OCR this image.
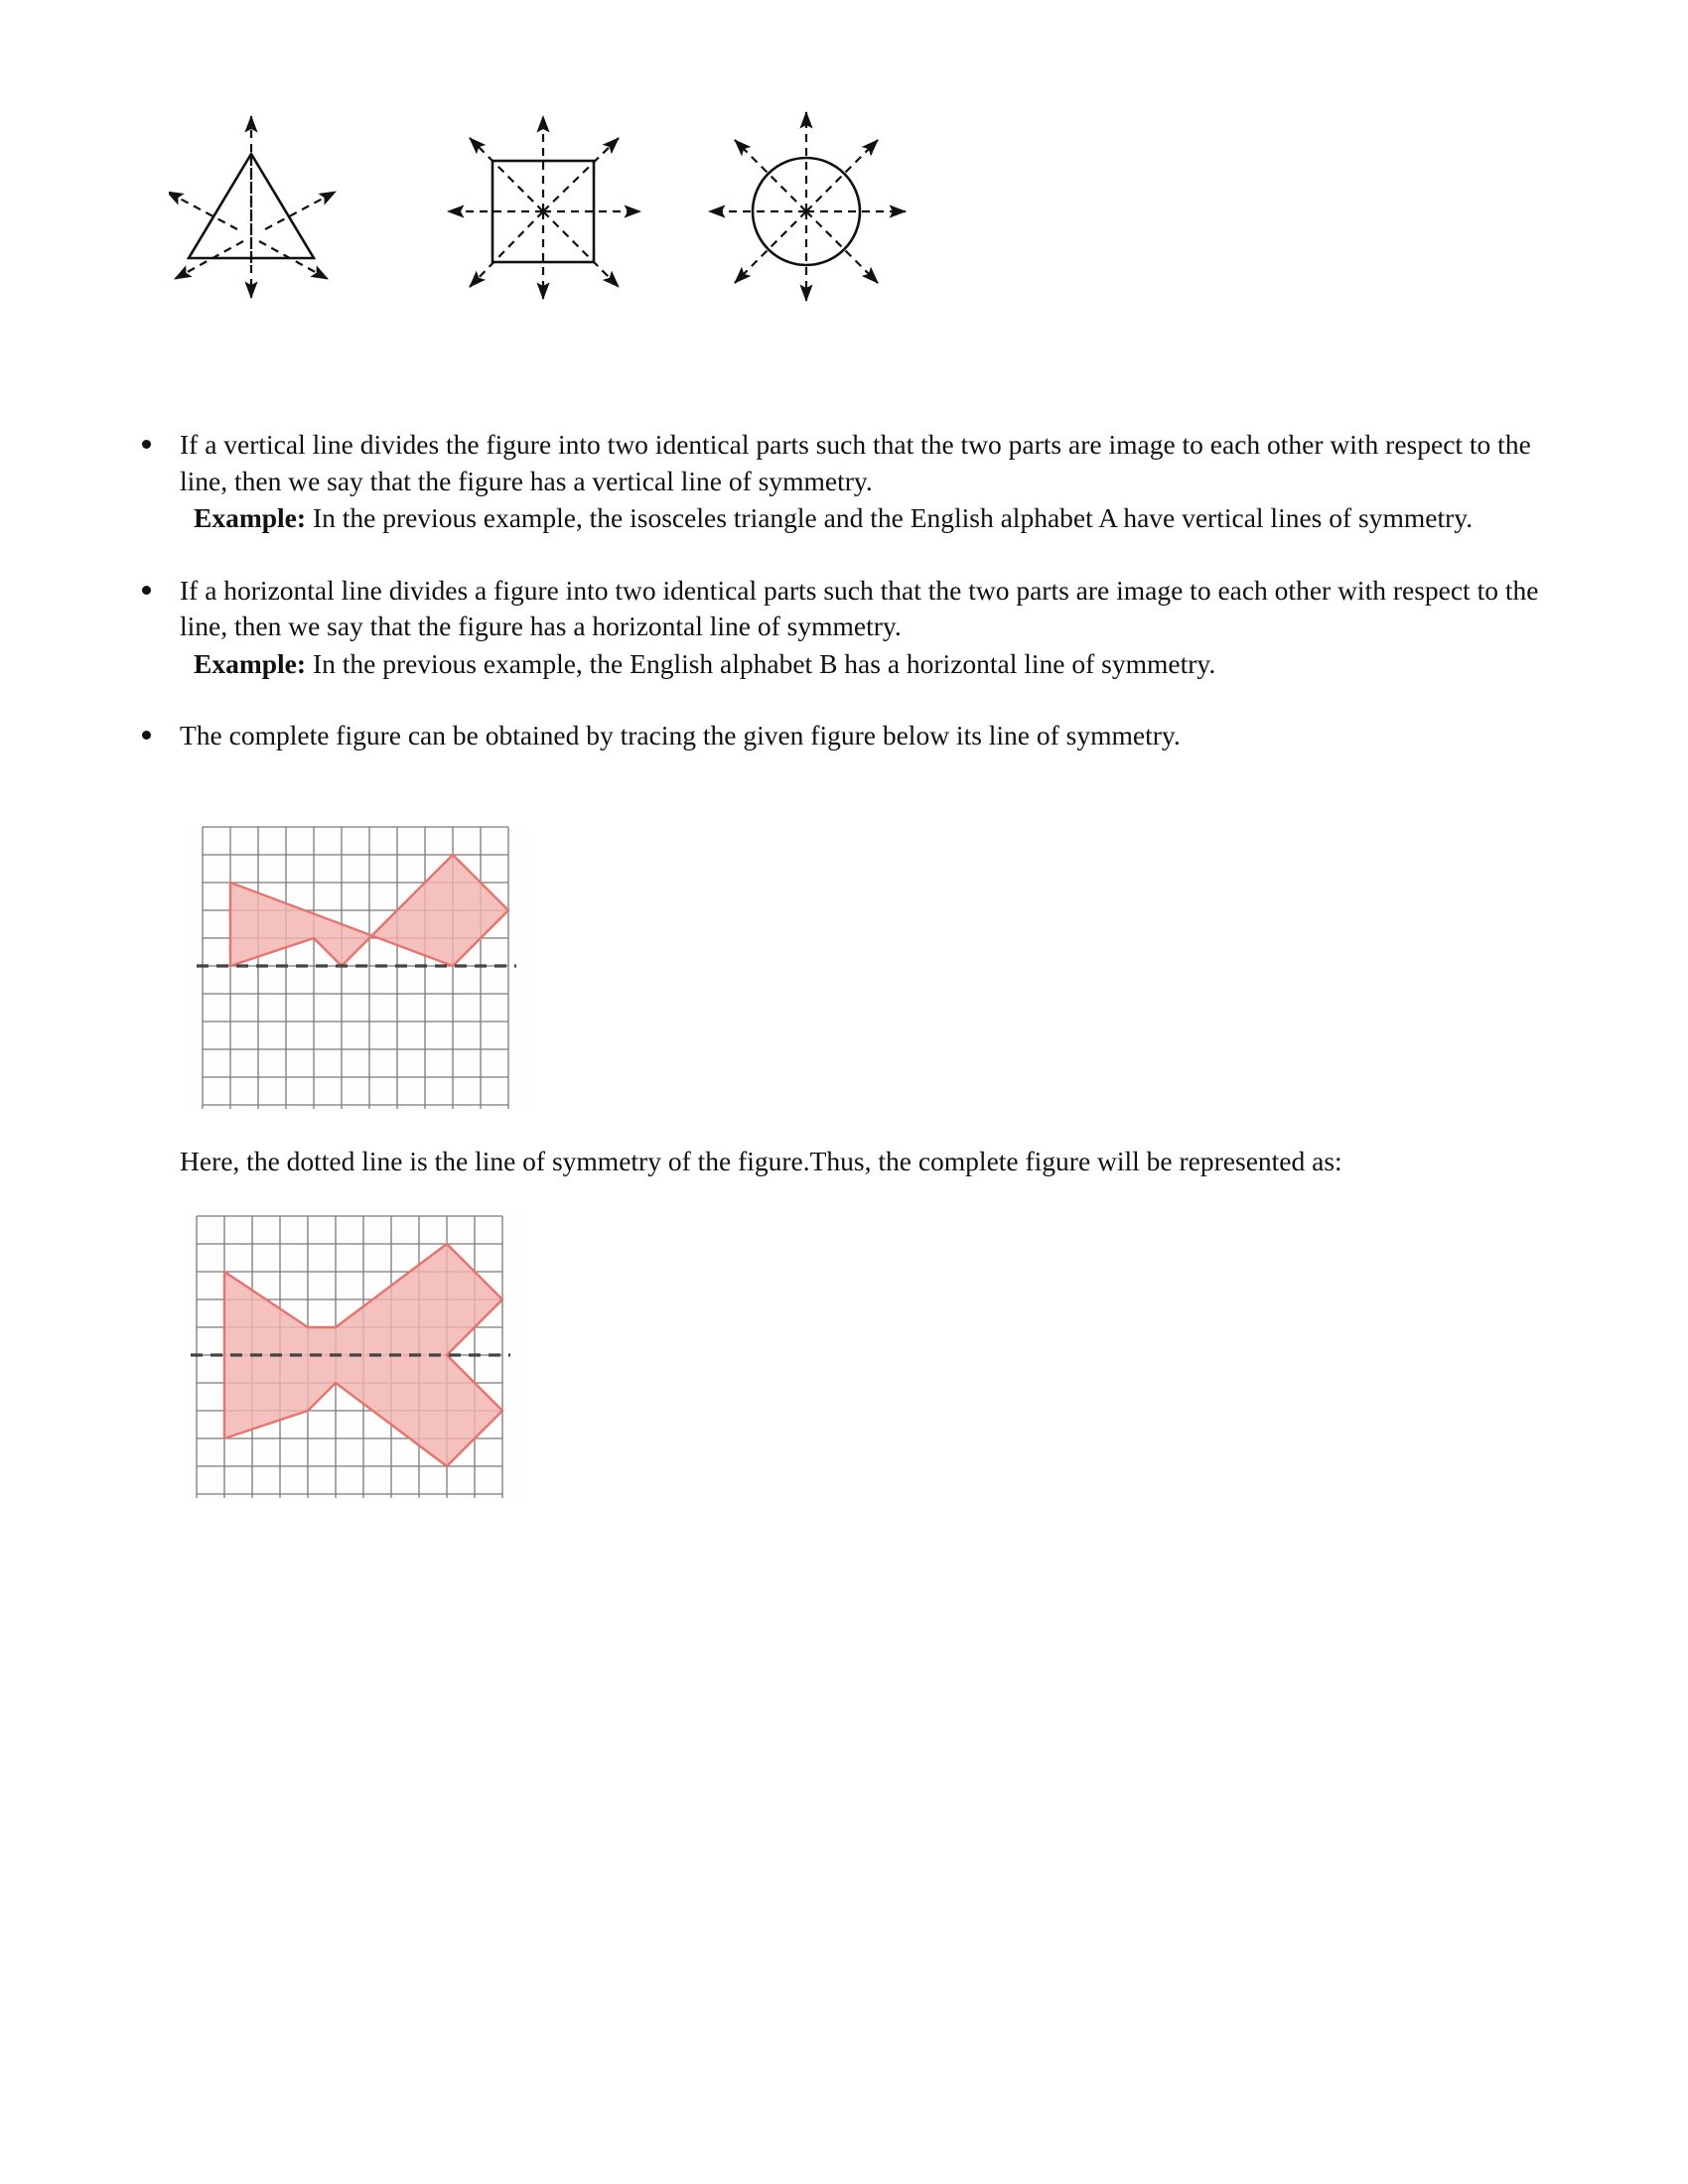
If a vertical line divides the figure into two identical parts such that the two parts are image to each other with respect to the line, then we say that the figure has a vertical line of symmetry.

Example: In the previous example, the isosceles triangle and the English alphabet A have vertical lines of symmetry.

If a horizontal line divides a figure into two identical parts such that the two parts are image to each other with respect to the line, then we say that the figure has a horizontal line of symmetry.

Example: In the previous example, the English alphabet B has a horizontal line of symmetry.

The complete figure can be obtained by tracing the given figure below its line of symmetry.

Here, the dotted line is the line of symmetry of the figure.Thus, the complete figure will be represented as:
